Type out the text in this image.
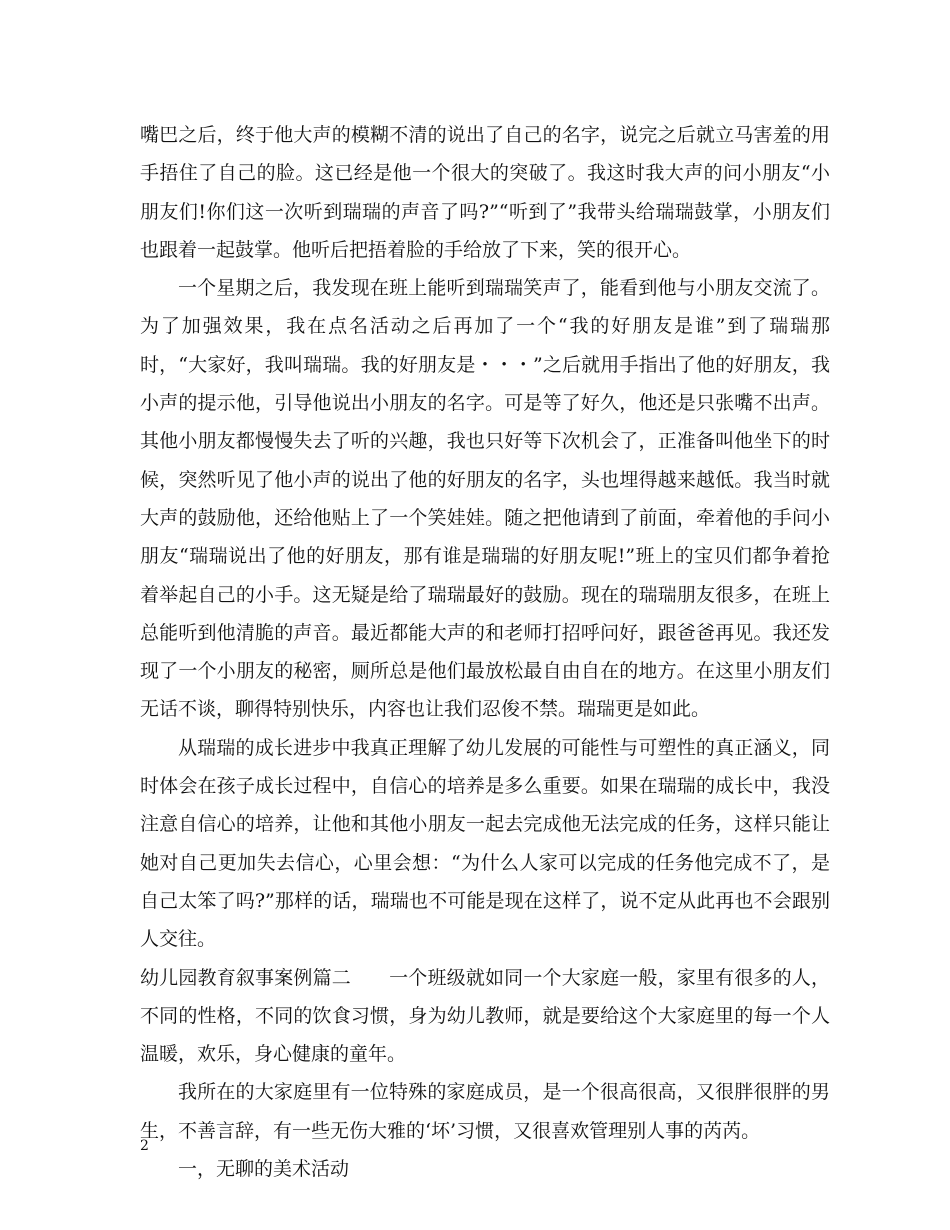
嘴巴之后，终于他大声的模糊不清的说出了自己的名字，说完之后就立马害羞的用手捂住了自己的脸。这已经是他一个很大的突破了。我这时我大声的问小朋友“小朋友们!你们这一次听到瑞瑞的声音了吗?”“听到了”我带头给瑞瑞鼓掌，小朋友们也跟着一起鼓掌。他听后把捂着脸的手给放了下来，笑的很开心。

一个星期之后，我发现在班上能听到瑞瑞笑声了，能看到他与小朋友交流了。为了加强效果，我在点名活动之后再加了一个“我的好朋友是谁”到了瑞瑞那时，“大家好，我叫瑞瑞。我的好朋友是・・・”之后就用手指出了他的好朋友，我小声的提示他，引导他说出小朋友的名字。可是等了好久，他还是只张嘴不出声。其他小朋友都慢慢失去了听的兴趣，我也只好等下次机会了，正准备叫他坐下的时候，突然听见了他小声的说出了他的好朋友的名字，头也埋得越来越低。我当时就大声的鼓励他，还给他贴上了一个笑娃娃。随之把他请到了前面，牵着他的手问小朋友“瑞瑞说出了他的好朋友，那有谁是瑞瑞的好朋友呢!”班上的宝贝们都争着抢着举起自己的小手。这无疑是给了瑞瑞最好的鼓励。现在的瑞瑞朋友很多，在班上总能听到他清脆的声音。最近都能大声的和老师打招呼问好，跟爸爸再见。我还发现了一个小朋友的秘密，厕所总是他们最放松最自由自在的地方。在这里小朋友们无话不谈，聊得特别快乐，内容也让我们忍俊不禁。瑞瑞更是如此。

从瑞瑞的成长进步中我真正理解了幼儿发展的可能性与可塑性的真正涵义，同时体会在孩子成长过程中，自信心的培养是多么重要。如果在瑞瑞的成长中，我没注意自信心的培养，让他和其他小朋友一起去完成他无法完成的任务，这样只能让她对自己更加失去信心，心里会想：“为什么人家可以完成的任务他完成不了，是自己太笨了吗?”那样的话，瑞瑞也不可能是现在这样了，说不定从此再也不会跟别人交往。

幼儿园教育叙事案例篇二 一个班级就如同一个大家庭一般，家里有很多的人，不同的性格，不同的饮食习惯，身为幼儿教师，就是要给这个大家庭里的每一个人温暖，欢乐，身心健康的童年。

我所在的大家庭里有一位特殊的家庭成员，是一个很高很高，又很胖很胖的男生，不善言辞，有一些无伤大雅的‘坏’习惯，又很喜欢管理别人事的芮芮。

一，无聊的美术活动

2
